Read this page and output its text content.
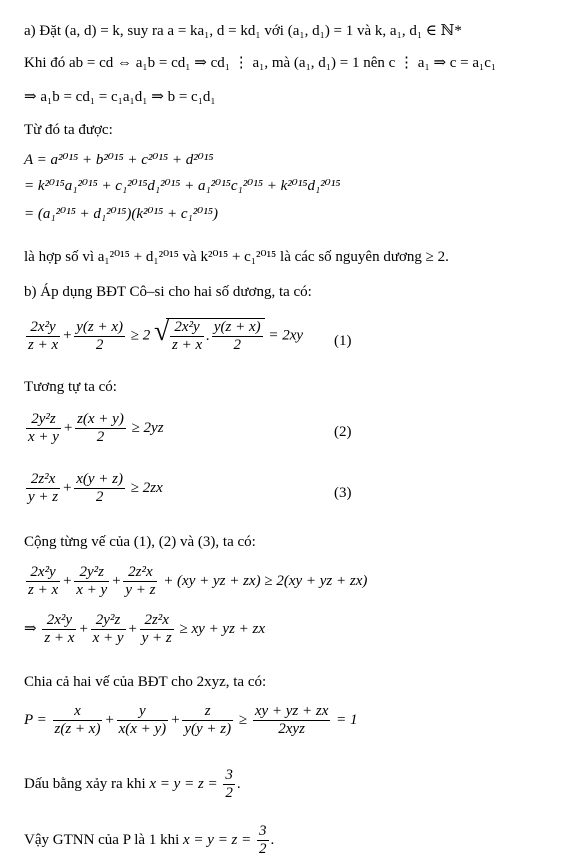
a) Đặt (a, d) = k, suy ra a = ka₁, d = kd₁ với (a₁, d₁) = 1 và k, a₁, d₁ ∈ ℕ*
Khi đó ab = cd ⇔ a₁b = cd₁ ⇒ cd₁ ⋮ a₁, mà (a₁, d₁) = 1 nên c ⋮ a₁ ⇒ c = a₁c₁
⇒ a₁b = cd₁ = c₁a₁d₁ ⇒ b = c₁d₁
Từ đó ta được:
A = a²⁰¹⁵ + b²⁰¹⁵ + c²⁰¹⁵ + d²⁰¹⁵
= k²⁰¹⁵a₁²⁰¹⁵ + c₁²⁰¹⁵d₁²⁰¹⁵ + a₁²⁰¹⁵c₁²⁰¹⁵ + k²⁰¹⁵d₁²⁰¹⁵
= (a₁²⁰¹⁵ + d₁²⁰¹⁵)(k²⁰¹⁵ + c₁²⁰¹⁵)
là hợp số vì a₁²⁰¹⁵ + d₁²⁰¹⁵ và k²⁰¹⁵ + c₁²⁰¹⁵ là các số nguyên dương ≥ 2.
b) Áp dụng BĐT Cô–si cho hai số dương, ta có:
$\frac{\text{2x²y}}{z + x} + \frac{y(z + x)}{2} \ge 2$ √ $\frac{\text{2x²y}}{z + x}$ . $\frac{y(z + x)}{2} = 2xy$ (1)
Tương tự ta có:
$\frac{\text{2y²z}}{x + y} + \frac{z(x + y)}{2} \ge 2yz$	(2)
$\frac{\text{2z²x}}{y + z} + \frac{x(y + z)}{2} \ge 2zx$	(3)
Cộng từng vế của (1), (2) và (3), ta có:
$\frac{\text{2x²y}}{z + x} + \frac{\text{2y²z}}{x + y} + \frac{\text{2z²x}}{y + z} + (xy$ + yz + zx) ≥ 2(xy + yz + zx)
⇒ $\frac{\text{2x²y}}{z + x} + \frac{\text{2y²z}}{x + y} + \frac{\text{2z²x}}{y + z}$ ≥ xy + yz + zx
Chia cả hai vế của BĐT cho 2xyz, ta có:
$P = \frac{x}{z(z + x)} + \frac{y}{x(x + y)} + \frac{z}{y(y + z)} \ge \frac{xy + yz + zx}{\text{2xyz}} = 1$
Dấu bằng xảy ra khi $x = y = z = \frac{3}{2}$ .
Vậy GTNN của P là 1 khi $x = y = z = \frac{3}{2}$ .
